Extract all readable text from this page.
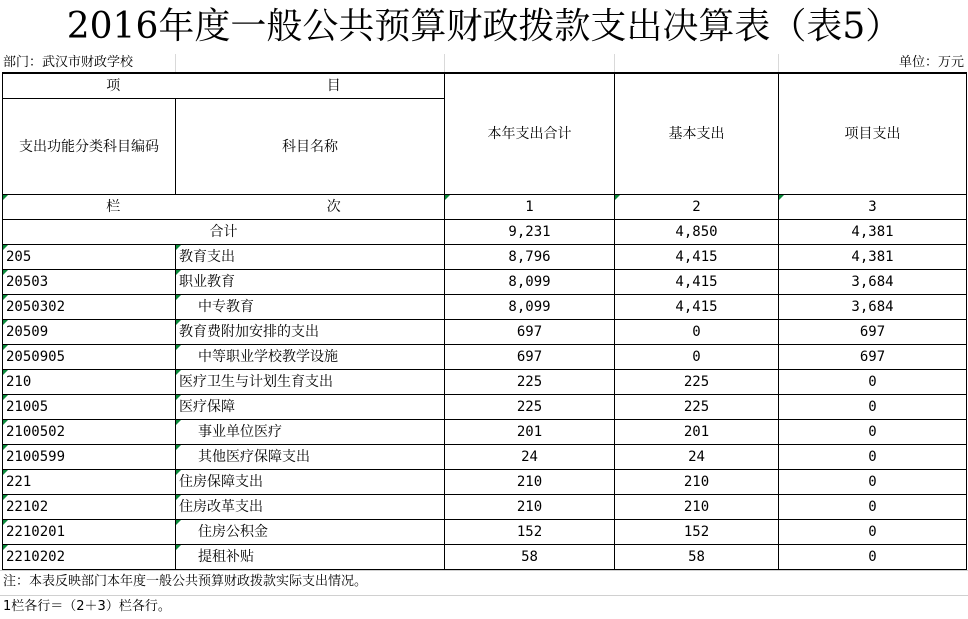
2016年度一般公共预算财政拨款支出决算表（表5）
部门：武汉市财政学校	单位：万元
项 目		本年支出合计	基本支出	项目支出
支出功能分类科目编码	科目名称			

栏 次		1	2	3
合计		9,231	4,850	4,381

205	教育支出	8,796	4,415	4,381

20503	职业教育	8,099	4,415	3,684

2050302	中专教育	8,099	4,415	3,684

20509	教育费附加安排的支出	697	0	697

2050905	中等职业学校教学设施	697	0	697

210	医疗卫生与计划生育支出	225	225	0

21005	医疗保障	225	225	0

2100502	事业单位医疗	201	201	0

2100599	其他医疗保障支出	24	24	0

221	住房保障支出	210	210	0

22102	住房改革支出	210	210	0

2210201	住房公积金	152	152	0

2210202	提租补贴	58	58	0
注：本表反映部门本年度一般公共预算财政拨款实际支出情况。
1栏各行＝（2＋3）栏各行。
